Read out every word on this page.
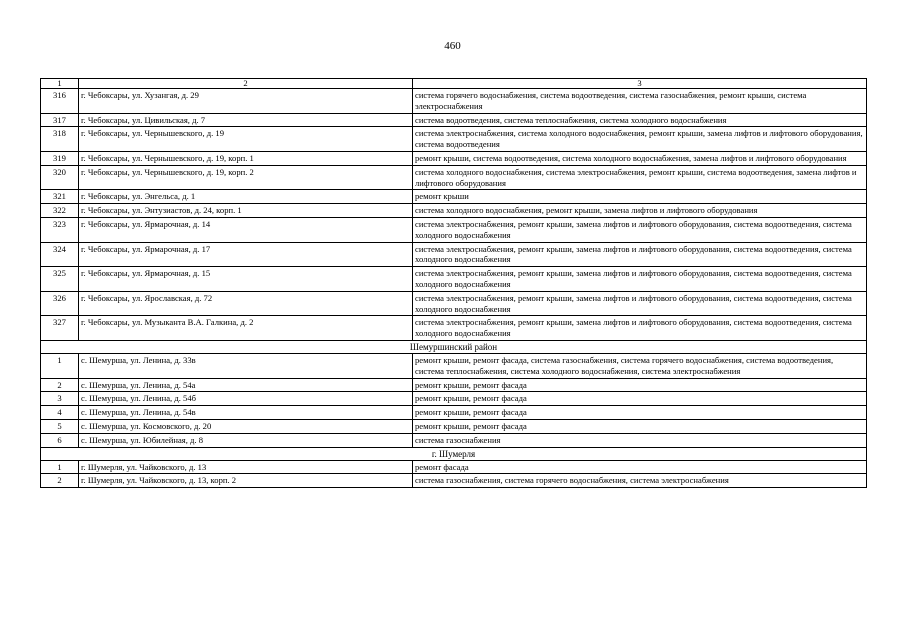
460
1	2	3
316	г. Чебоксары, ул. Хузангая, д. 29	система горячего водоснабжения, система водоотведения, система газоснабжения, ремонт крыши, система электроснабжения
317	г. Чебоксары, ул. Цивильская, д. 7	система водоотведения, система теплоснабжения, система холодного водоснабжения
318	г. Чебоксары, ул. Чернышевского, д. 19	система электроснабжения, система холодного водоснабжения, ремонт крыши, замена лифтов и лифтового оборудования, система водоотведения
319	г. Чебоксары, ул. Чернышевского, д. 19, корп. 1	ремонт крыши, система водоотведения, система холодного водоснабжения, замена лифтов и лифтового оборудования
320	г. Чебоксары, ул. Чернышевского, д. 19, корп. 2	система холодного водоснабжения, система электроснабжения, ремонт крыши, система водоотведения, замена лифтов и лифтового оборудования
321	г. Чебоксары, ул. Энгельса, д. 1	ремонт крыши
322	г. Чебоксары, ул. Энтузиастов, д. 24, корп. 1	система холодного водоснабжения, ремонт крыши, замена лифтов и лифтового оборудования
323	г. Чебоксары, ул. Ярмарочная, д. 14	система электроснабжения, ремонт крыши, замена лифтов и лифтового оборудования, система водоотведения, система холодного водоснабжения
324	г. Чебоксары, ул. Ярмарочная, д. 17	система электроснабжения, ремонт крыши, замена лифтов и лифтового оборудования, система водоотведения, система холодного водоснабжения
325	г. Чебоксары, ул. Ярмарочная, д. 15	система электроснабжения, ремонт крыши, замена лифтов и лифтового оборудования, система водоотведения, система холодного водоснабжения
326	г. Чебоксары, ул. Ярославская, д. 72	система электроснабжения, ремонт крыши, замена лифтов и лифтового оборудования, система водоотведения, система холодного водоснабжения
327	г. Чебоксары, ул. Музыканта В.А. Галкина, д. 2	система электроснабжения, ремонт крыши, замена лифтов и лифтового оборудования, система водоотведения, система холодного водоснабжения
Шемуршинский район		
1	с. Шемурша, ул. Ленина, д. 33в	ремонт крыши, ремонт фасада, система газоснабжения, система горячего водоснабжения, система водоотведения, система теплоснабжения, система холодного водоснабжения, система электроснабжения
2	с. Шемурша, ул. Ленина, д. 54а	ремонт крыши, ремонт фасада
3	с. Шемурша, ул. Ленина, д. 54б	ремонт крыши, ремонт фасада
4	с. Шемурша, ул. Ленина, д. 54в	ремонт крыши, ремонт фасада
5	с. Шемурша, ул. Космовского, д. 20	ремонт крыши, ремонт фасада
6	с. Шемурша, ул. Юбилейная, д. 8	система газоснабжения
г. Шумерля		
1	г. Шумерля, ул. Чайковского, д. 13	ремонт фасада
2	г. Шумерля, ул. Чайковского, д. 13, корп. 2	система газоснабжения, система горячего водоснабжения, система электроснабжения
